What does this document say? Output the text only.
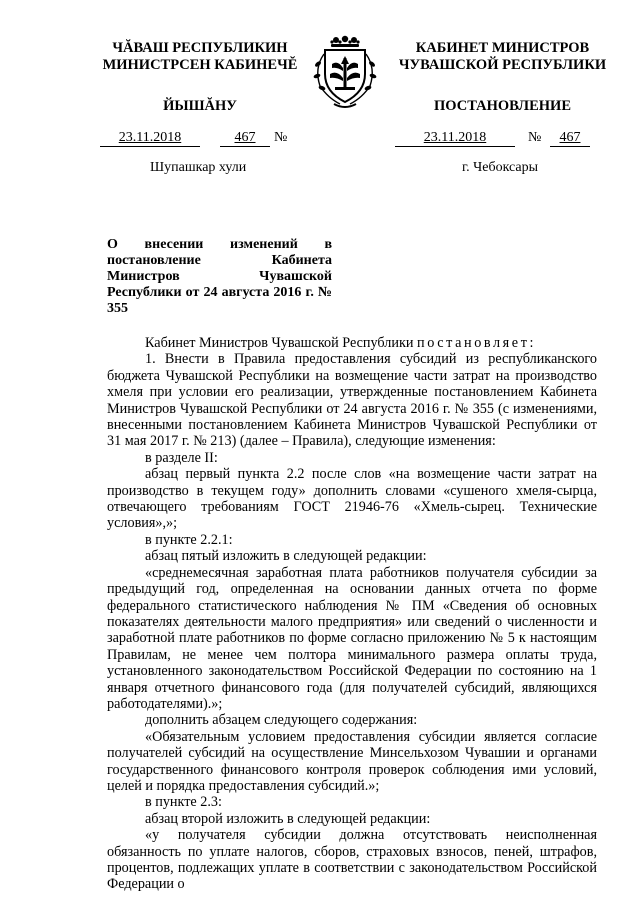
ЧĂВАШ РЕСПУБЛИКИН
МИНИСТРСЕН КАБИНЕЧĔ
ЙЫШĂНУ
КАБИНЕТ МИНИСТРОВ
ЧУВАШСКОЙ РЕСПУБЛИКИ
ПОСТАНОВЛЕНИЕ
23.11.2018	467	№	23.11.2018	№	467
Шупашкар хули	г. Чебоксары
О внесении изменений в постановление Кабинета Министров Чувашской Республики от 24 августа 2016 г. № 355

Кабинет Министров Чувашской Республики постановляет:

1. Внести в Правила предоставления субсидий из республиканского бюджета Чувашской Республики на возмещение части затрат на производство хмеля при условии его реализации, утвержденные постановлением Кабинета Министров Чувашской Республики от 24 августа 2016 г. № 355 (с изменениями, внесенными постановлением Кабинета Министров Чувашской Республики от 31 мая 2017 г. № 213) (далее – Правила), следующие изменения:

в разделе II:

абзац первый пункта 2.2 после слов «на возмещение части затрат на производство в текущем году» дополнить словами «сушеного хмеля-сырца, отвечающего требованиям ГОСТ 21946-76 «Хмель-сырец. Технические условия»,»;

в пункте 2.2.1:

абзац пятый изложить в следующей редакции:

«среднемесячная заработная плата работников получателя субсидии за предыдущий год, определенная на основании данных отчета по форме федерального статистического наблюдения № ПМ «Сведения об основных показателях деятельности малого предприятия» или сведений о численности и заработной плате работников по форме согласно приложению № 5 к настоящим Правилам, не менее чем полтора минимального размера оплаты труда, установленного законодательством Российской Федерации по состоянию на 1 января отчетного финансового года (для получателей субсидий, являющихся работодателями).»;

дополнить абзацем следующего содержания:

«Обязательным условием предоставления субсидии является согласие получателей субсидий на осуществление Минсельхозом Чувашии и органами государственного финансового контроля проверок соблюдения ими условий, целей и порядка предоставления субсидий.»;

в пункте 2.3:

абзац второй изложить в следующей редакции:

«у получателя субсидии должна отсутствовать неисполненная обязанность по уплате налогов, сборов, страховых взносов, пеней, штрафов, процентов, подлежащих уплате в соответствии с законодательством Российской Федерации о
